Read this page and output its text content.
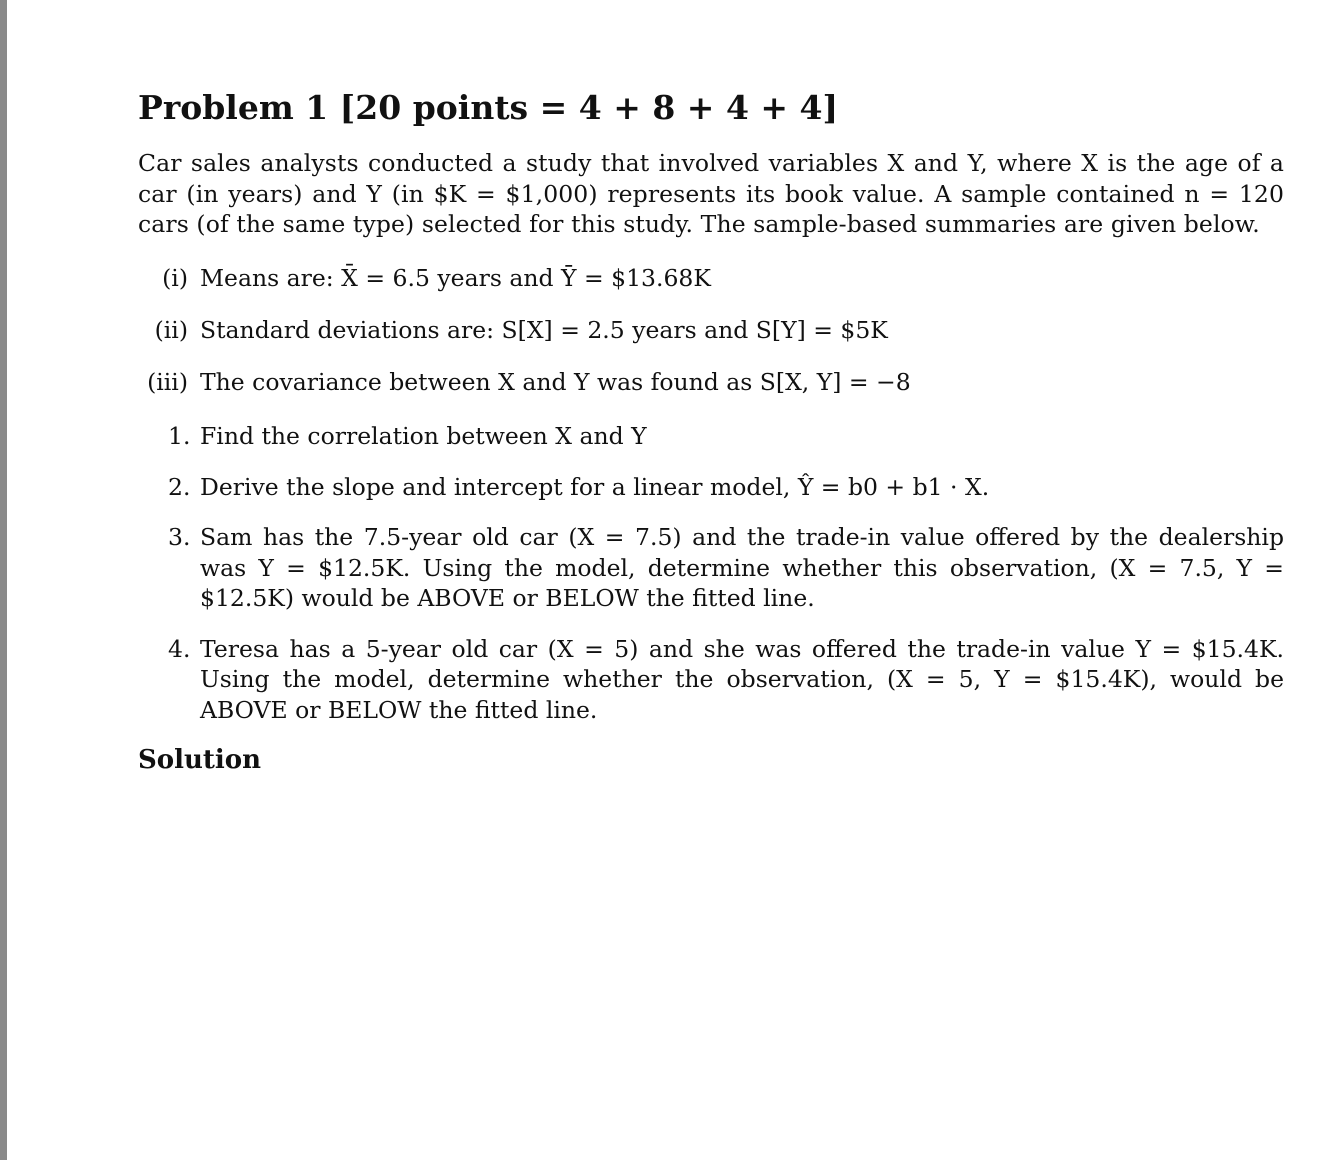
Problem 1 [20 points = 4 + 8 + 4 + 4]

Car sales analysts conducted a study that involved variables X and Y, where X is the age of a car (in years) and Y (in $K = $1,000) represents its book value. A sample contained n = 120 cars (of the same type) selected for this study. The sample-based summaries are given below.

(i) Means are: X̄ = 6.5 years and Ȳ = $13.68K
(ii) Standard deviations are: S[X] = 2.5 years and S[Y] = $5K
(iii) The covariance between X and Y was found as S[X, Y] = −8
1. Find the correlation between X and Y
2. Derive the slope and intercept for a linear model, Ŷ = b0 + b1 · X.
3. Sam has the 7.5-year old car (X = 7.5) and the trade-in value offered by the dealership was Y = $12.5K. Using the model, determine whether this observation, (X = 7.5, Y = $12.5K) would be ABOVE or BELOW the fitted line.
4. Teresa has a 5-year old car (X = 5) and she was offered the trade-in value Y = $15.4K. Using the model, determine whether the observation, (X = 5, Y = $15.4K), would be ABOVE or BELOW the fitted line.
Solution
